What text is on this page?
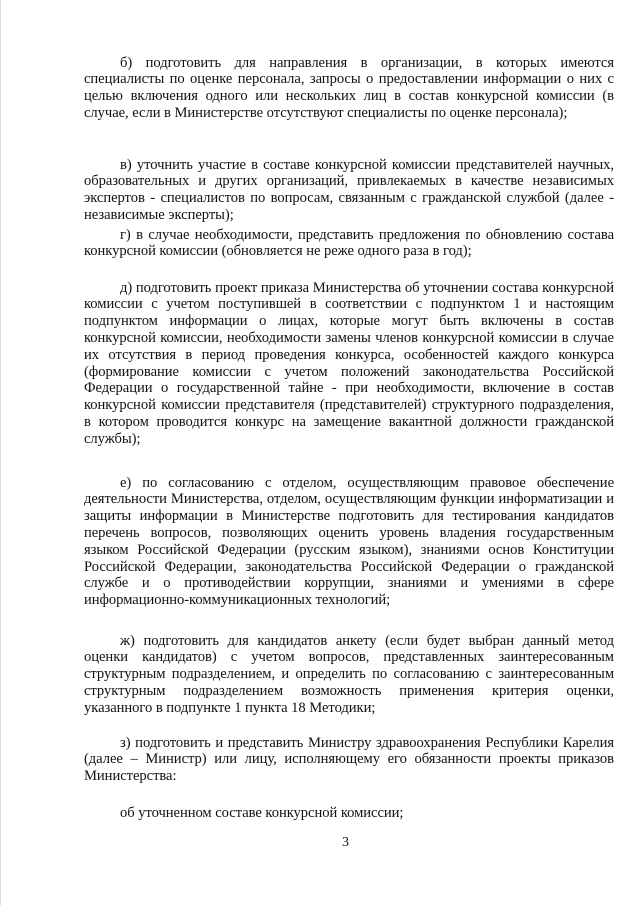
б) подготовить для направления в организации, в которых имеются специалисты по оценке персонала, запросы о предоставлении информации о них с целью включения одного или нескольких лиц в состав конкурсной комиссии (в случае, если в Министерстве отсутствуют специалисты по оценке персонала);

в) уточнить участие в составе конкурсной комиссии представителей научных, образовательных и других организаций, привлекаемых в качестве независимых экспертов - специалистов по вопросам, связанным с гражданской службой (далее - независимые эксперты);

г) в случае необходимости, представить предложения по обновлению состава конкурсной комиссии (обновляется не реже одного раза в год);

д) подготовить проект приказа Министерства об уточнении состава конкурсной комиссии с учетом поступившей в соответствии с подпунктом 1 и настоящим подпунктом информации о лицах, которые могут быть включены в состав конкурсной комиссии, необходимости замены членов конкурсной комиссии в случае их отсутствия в период проведения конкурса, особенностей каждого конкурса (формирование комиссии с учетом положений законодательства Российской Федерации о государственной тайне - при необходимости, включение в состав конкурсной комиссии представителя (представителей) структурного подразделения, в котором проводится конкурс на замещение вакантной должности гражданской службы);

е) по согласованию с отделом, осуществляющим правовое обеспечение деятельности Министерства, отделом, осуществляющим функции информатизации и защиты информации в Министерстве подготовить для тестирования кандидатов перечень вопросов, позволяющих оценить уровень владения государственным языком Российской Федерации (русским языком), знаниями основ Конституции Российской Федерации, законодательства Российской Федерации о гражданской службе и о противодействии коррупции, знаниями и умениями в сфере информационно-коммуникационных технологий;

ж) подготовить для кандидатов анкету (если будет выбран данный метод оценки кандидатов) с учетом вопросов, представленных заинтересованным структурным подразделением, и определить по согласованию с заинтересованным структурным подразделением возможность применения критерия оценки, указанного в подпункте 1 пункта 18 Методики;

з) подготовить и представить Министру здравоохранения Республики Карелия (далее – Министр) или лицу, исполняющему его обязанности проекты приказов Министерства:

об уточненном составе конкурсной комиссии;

3
